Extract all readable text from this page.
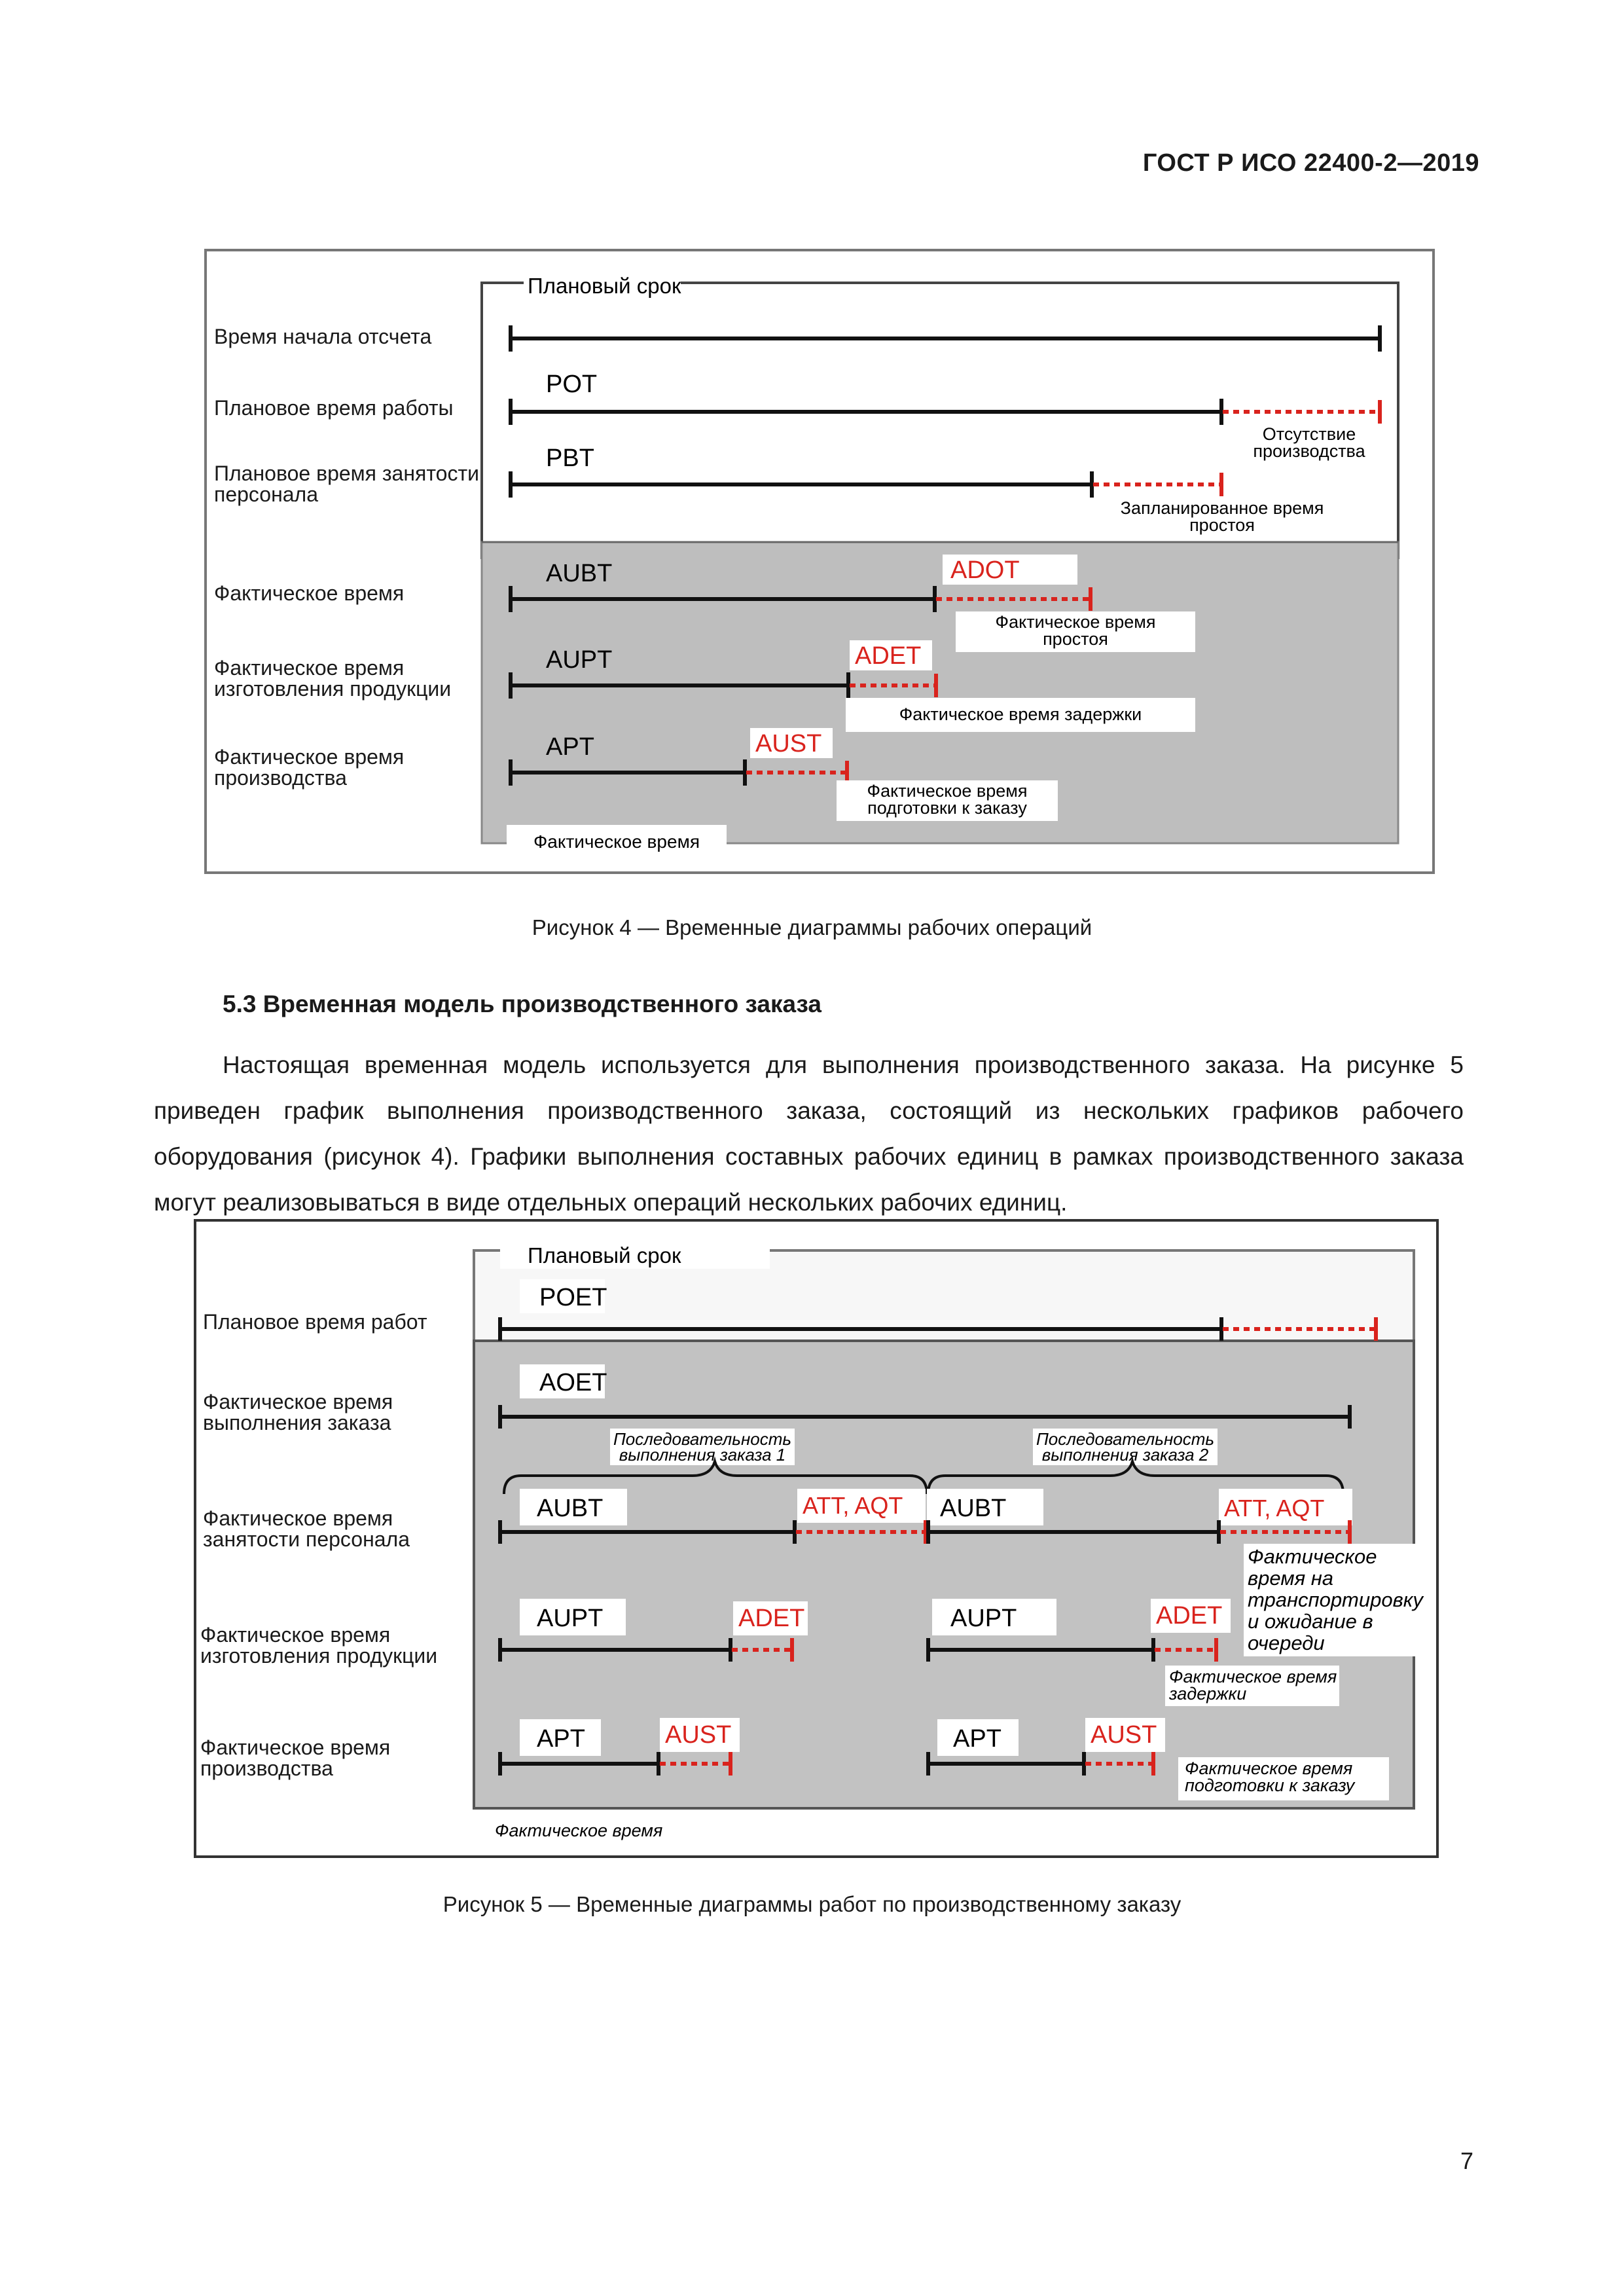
ГОСТ Р ИСО 22400-2—2019
Плановый срок
Время начала отсчета
Плановое время работы
Плановое время занятости
персонала
Фактическое время
Фактическое время
изготовления продукции
Фактическое время
производства
POT
Отсутствие
производства
PBT
Запланированное время
простоя
AUBT	ADOT
Фактическое время
простоя
AUPT	ADET
Фактическое время задержки
APT	AUST
Фактическое время
подготовки к заказу
Фактическое время
Рисунок 4 — Временные диаграммы рабочих операций
5.3 Временная модель производственного заказа
Настоящая временная модель используется для выполнения производственного заказа. На рисунке 5 приведен график выполнения производственного заказа, состоящий из нескольких графиков рабочего оборудования (рисунок 4). Графики выполнения составных рабочих единиц в рамках производственного заказа могут реализовываться в виде отдельных операций нескольких рабочих единиц.
Плановый срок
Плановое время работ
Фактическое время
выполнения заказа
Фактическое время
занятости персонала
Фактическое время
изготовления продукции
Фактическое время
производства
POET
AOET
Последовательность
выполнения заказа 1
Последовательность
выполнения заказа 2
AUBT	ATT, AQT AUBT	ATT, AQT
Фактическое
время на
транспортировку
и ожидание в
очереди
AUPT	ADET	AUPT	ADET
Фактическое время
задержки
APT	AUST	APT	AUST
Фактическое время
подготовки к заказу
Фактическое время
Рисунок 5 — Временные диаграммы работ по производственному заказу
7
